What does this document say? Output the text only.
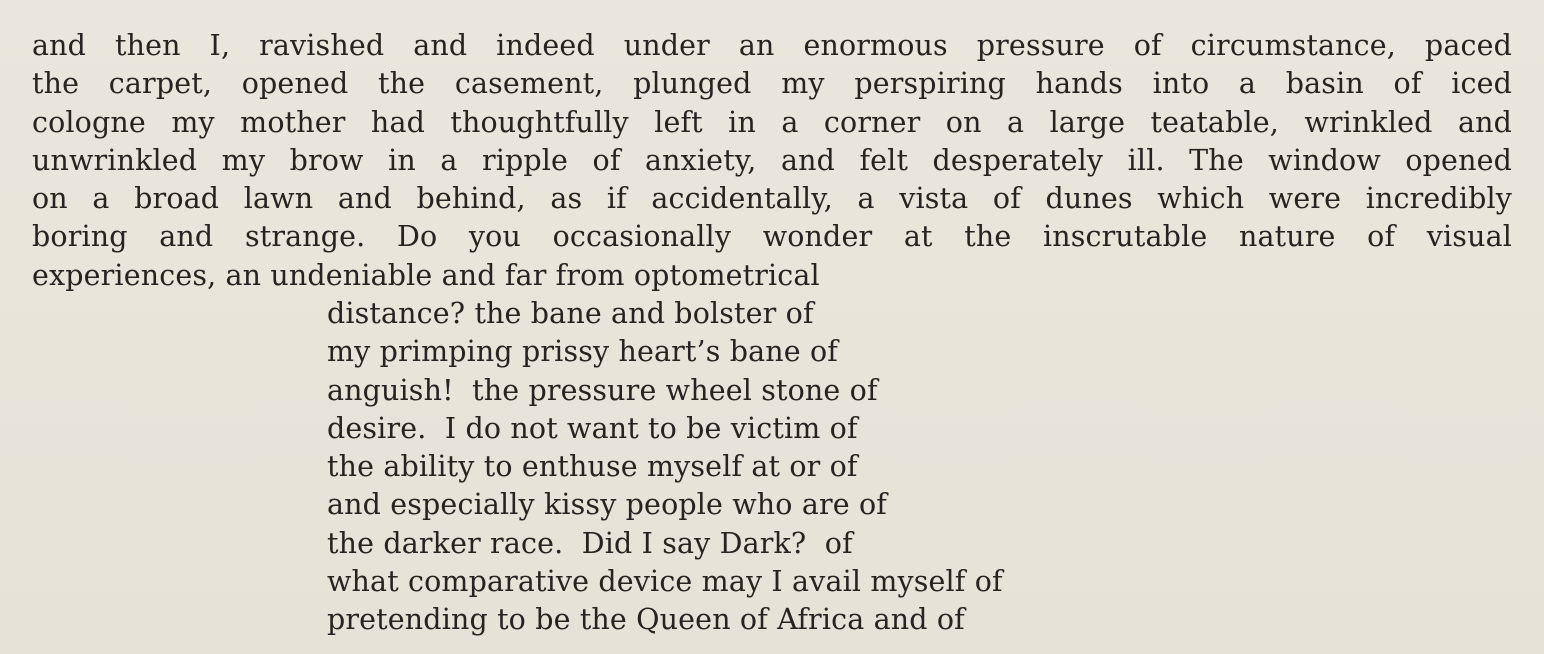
and then I, ravished and indeed under an enormous pressure of circumstance, paced
the carpet, opened the casement, plunged my perspiring hands into a basin of iced
cologne my mother had thoughtfully left in a corner on a large teatable, wrinkled and
unwrinkled my brow in a ripple of anxiety, and felt desperately ill. The window opened
on a broad lawn and behind, as if accidentally, a vista of dunes which were incredibly
boring and strange. Do you occasionally wonder at the inscrutable nature of visual
experiences, an undeniable and far from optometrical
distance? the bane and bolster of
my primping prissy heart’s bane of
anguish!  the pressure wheel stone of
desire.  I do not want to be victim of
the ability to enthuse myself at or of
and especially kissy people who are of
the darker race.  Did I say Dark?  of
what comparative device may I avail myself of
pretending to be the Queen of Africa and of
